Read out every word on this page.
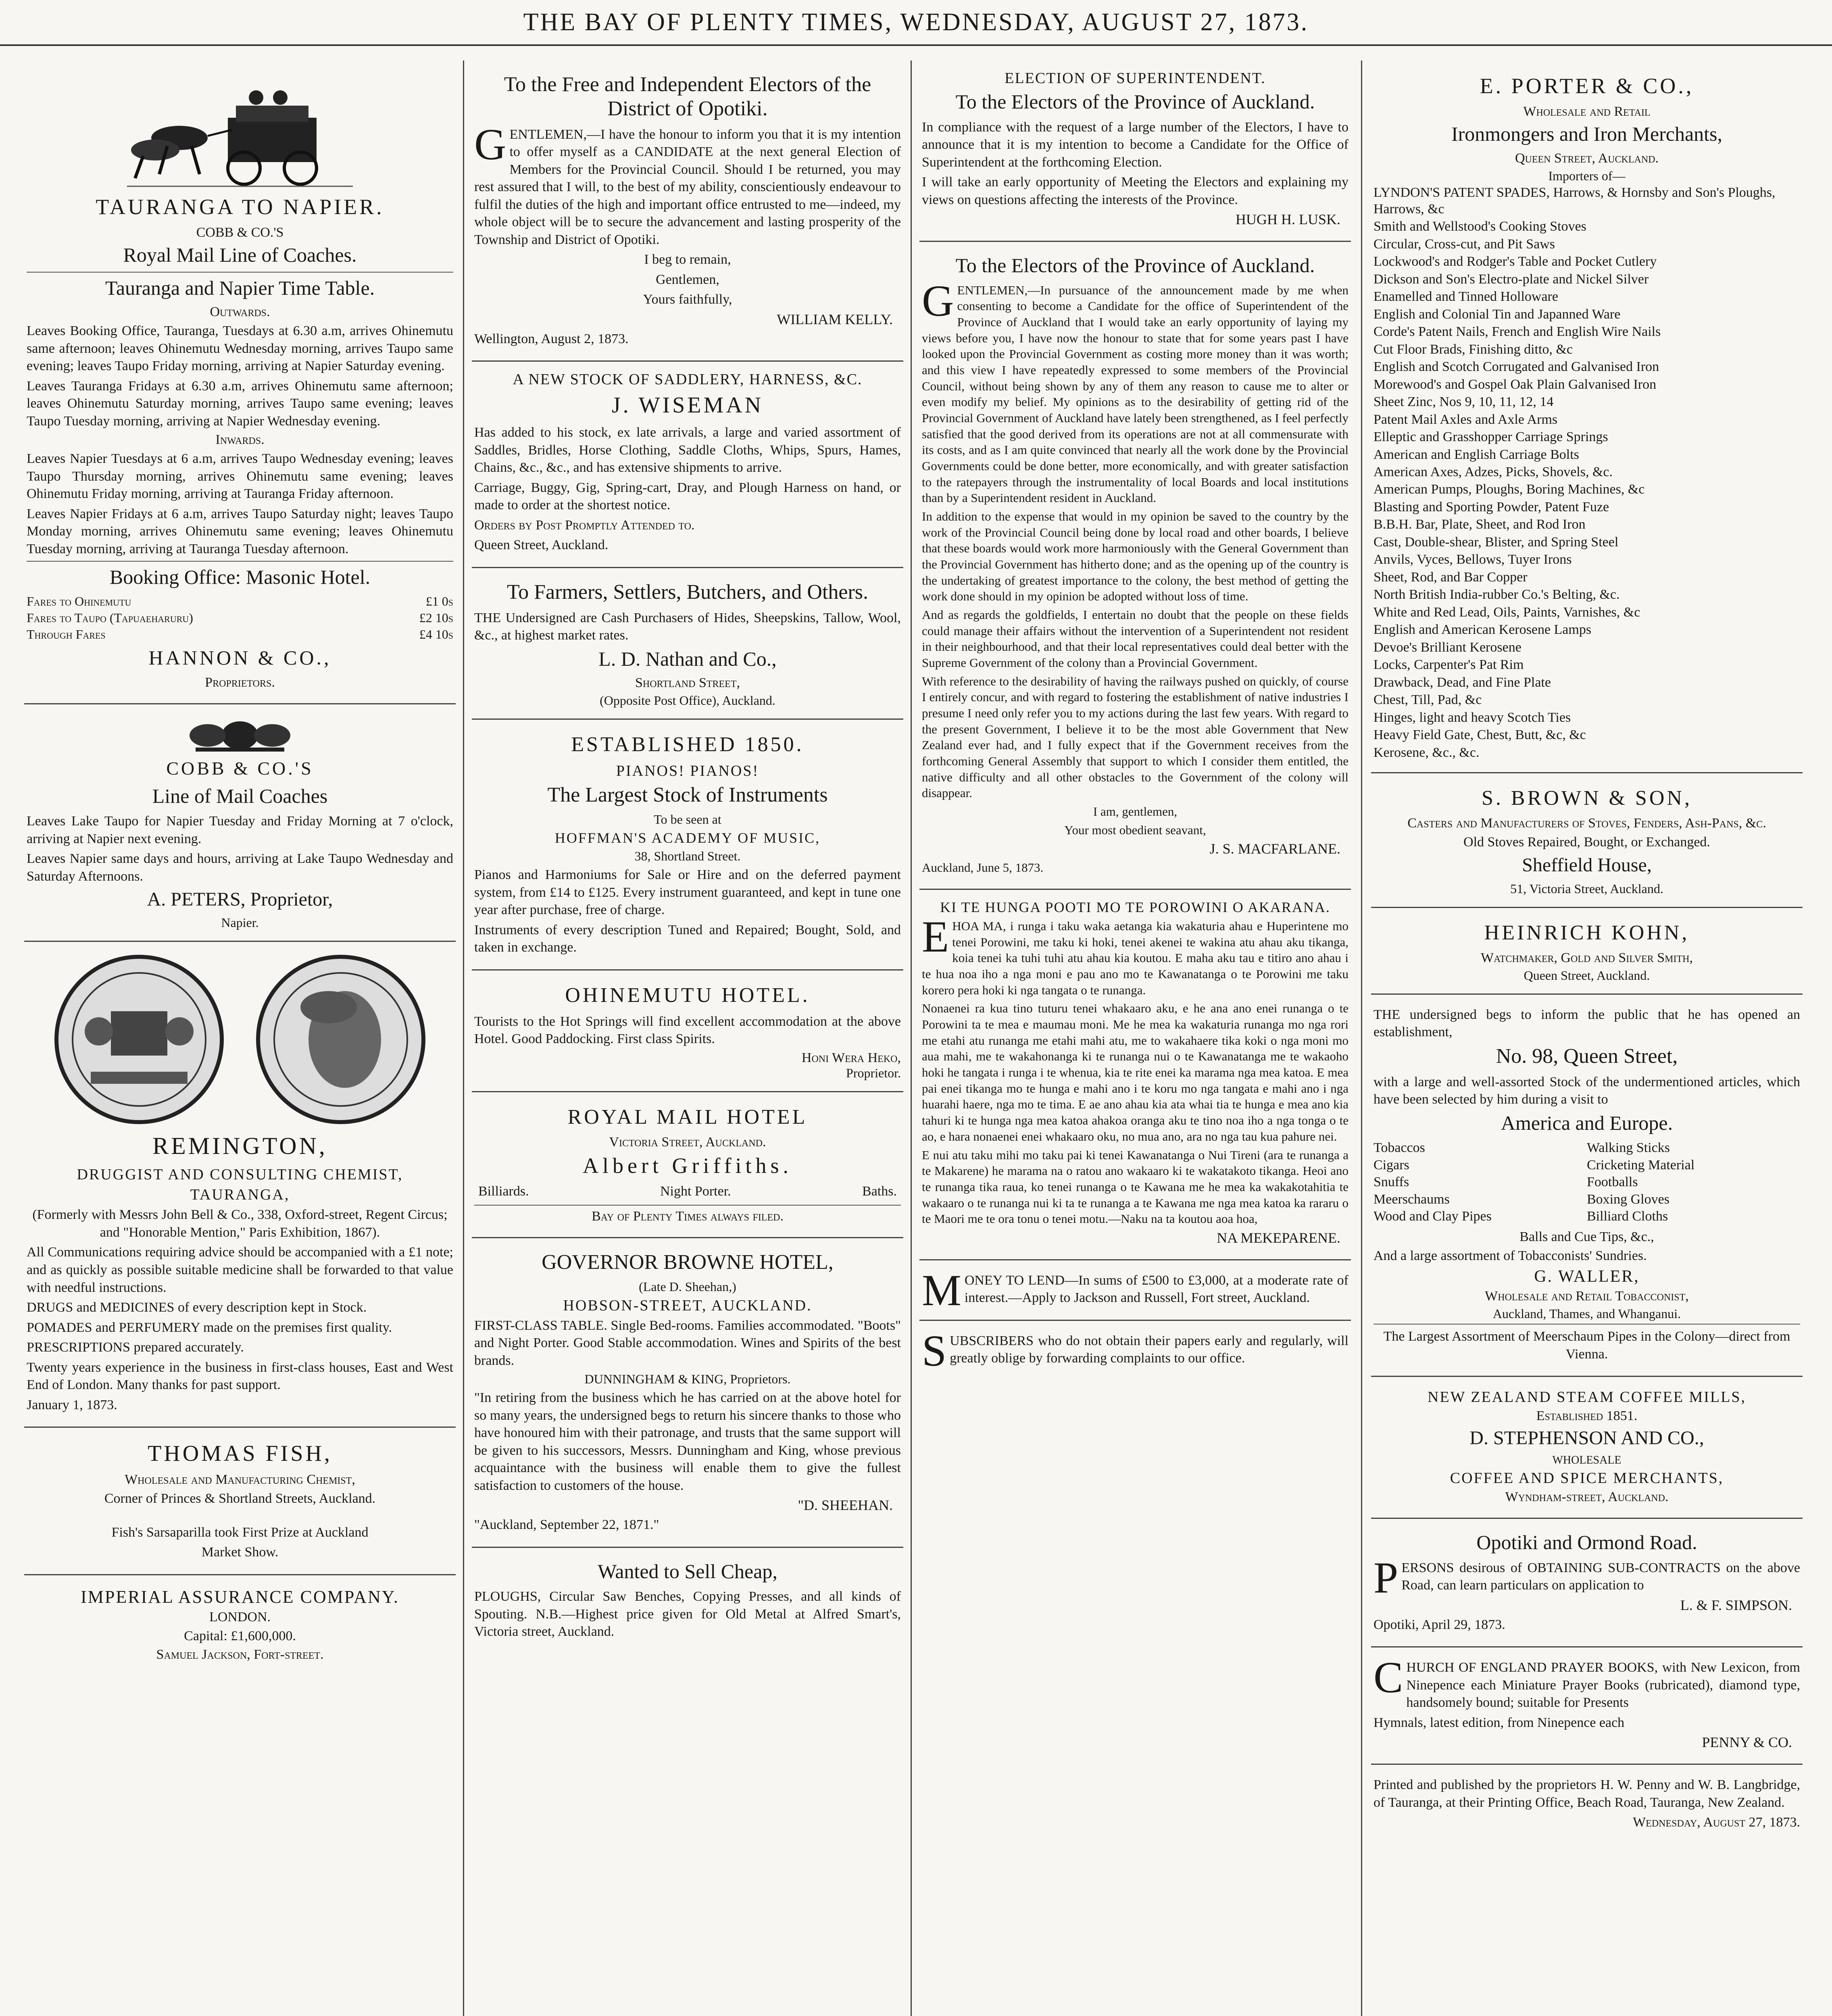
THE BAY OF PLENTY TIMES, WEDNESDAY, AUGUST 27, 1873.
TAURANGA TO NAPIER.
COBB & CO.'S
Royal Mail Line of Coaches.
Tauranga and Napier Time Table.
Outwards.

Leaves Booking Office, Tauranga, Tuesdays at 6.30 a.m, arrives Ohinemutu same afternoon; leaves Ohinemutu Wednesday morning, arrives Taupo same evening; leaves Taupo Friday morning, arriving at Napier Saturday evening.

Leaves Tauranga Fridays at 6.30 a.m, arrives Ohinemutu same afternoon; leaves Ohinemutu Saturday morning, arrives Taupo same evening; leaves Taupo Tuesday morning, arriving at Napier Wednesday evening.

Inwards.

Leaves Napier Tuesdays at 6 a.m, arrives Taupo Wednesday evening; leaves Taupo Thursday morning, arrives Ohinemutu same evening; leaves Ohinemutu Friday morning, arriving at Tauranga Friday afternoon.

Leaves Napier Fridays at 6 a.m, arrives Taupo Saturday night; leaves Taupo Monday morning, arrives Ohinemutu same evening; leaves Ohinemutu Tuesday morning, arriving at Tauranga Tuesday afternoon.

Booking Office: Masonic Hotel.
Fares to Ohinemutu	£1 0s
Fares to Taupo (Tapuaeharuru)	£2 10s
Through Fares	£4 10s
HANNON & CO.,
Proprietors.
COBB & CO.'S
Line of Mail Coaches

Leaves Lake Taupo for Napier Tuesday and Friday Morning at 7 o'clock, arriving at Napier next evening.

Leaves Napier same days and hours, arriving at Lake Taupo Wednesday and Saturday Afternoons.

A. PETERS, Proprietor,
Napier.
REMINGTON,
DRUGGIST AND CONSULTING CHEMIST,
TAURANGA,

(Formerly with Messrs John Bell & Co., 338, Oxford-street, Regent Circus; and "Honorable Mention," Paris Exhibition, 1867).

All Communications requiring advice should be accompanied with a £1 note; and as quickly as possible suitable medicine shall be forwarded to that value with needful instructions.

DRUGS and MEDICINES of every description kept in Stock.

POMADES and PERFUMERY made on the premises first quality.

PRESCRIPTIONS prepared accurately.

Twenty years experience in the business in first-class houses, East and West End of London. Many thanks for past support.

January 1, 1873.

THOMAS FISH,
Wholesale and Manufacturing Chemist,

Corner of Princes & Shortland Streets, Auckland.

Fish's Sarsaparilla took First Prize at Auckland

Market Show.

IMPERIAL ASSURANCE COMPANY.
LONDON.

Capital: £1,600,000.

Samuel Jackson, Fort-street.
To the Free and Independent Electors of the District of Opotiki.

GENTLEMEN,—I have the honour to inform you that it is my intention to offer myself as a CANDIDATE at the next general Election of Members for the Provincial Council. Should I be returned, you may rest assured that I will, to the best of my ability, conscientiously endeavour to fulfil the duties of the high and important office entrusted to me—indeed, my whole object will be to secure the advancement and lasting prosperity of the Township and District of Opotiki.

I beg to remain,

Gentlemen,

Yours faithfully,

WILLIAM KELLY.

Wellington, August 2, 1873.

A NEW STOCK OF SADDLERY, HARNESS, &C.
J. WISEMAN

Has added to his stock, ex late arrivals, a large and varied assortment of Saddles, Bridles, Horse Clothing, Saddle Cloths, Whips, Spurs, Hames, Chains, &c., &c., and has extensive shipments to arrive.

Carriage, Buggy, Gig, Spring-cart, Dray, and Plough Harness on hand, or made to order at the shortest notice.

Orders by Post Promptly Attended to.

Queen Street, Auckland.

To Farmers, Settlers, Butchers, and Others.

THE Undersigned are Cash Purchasers of Hides, Sheepskins, Tallow, Wool, &c., at highest market rates.

L. D. Nathan and Co.,
Shortland Street,
(Opposite Post Office), Auckland.
ESTABLISHED 1850.
PIANOS! PIANOS!
The Largest Stock of Instruments
To be seen at
HOFFMAN'S ACADEMY OF MUSIC,
38, Shortland Street.

Pianos and Harmoniums for Sale or Hire and on the deferred payment system, from £14 to £125. Every instrument guaranteed, and kept in tune one year after purchase, free of charge.

Instruments of every description Tuned and Repaired; Bought, Sold, and taken in exchange.

OHINEMUTU HOTEL.

Tourists to the Hot Springs will find excellent accommodation at the above Hotel. Good Paddocking. First class Spirits.

Honi Wera Heko,
Proprietor.
ROYAL MAIL HOTEL
Victoria Street, Auckland.
Albert Griffiths.
Billiards.	Night Porter.	Baths.
Bay of Plenty Times always filed.
GOVERNOR BROWNE HOTEL,
(Late D. Sheehan,)
HOBSON-STREET, AUCKLAND.

FIRST-CLASS TABLE. Single Bed-rooms. Families accommodated. "Boots" and Night Porter. Good Stable accommodation. Wines and Spirits of the best brands.

DUNNINGHAM & KING, Proprietors.

"In retiring from the business which he has carried on at the above hotel for so many years, the undersigned begs to return his sincere thanks to those who have honoured him with their patronage, and trusts that the same support will be given to his successors, Messrs. Dunningham and King, whose previous acquaintance with the business will enable them to give the fullest satisfaction to customers of the house.

"D. SHEEHAN.

"Auckland, September 22, 1871."

Wanted to Sell Cheap,

PLOUGHS, Circular Saw Benches, Copying Presses, and all kinds of Spouting. N.B.—Highest price given for Old Metal at Alfred Smart's, Victoria street, Auckland.

ELECTION OF SUPERINTENDENT.
To the Electors of the Province of Auckland.

In compliance with the request of a large number of the Electors, I have to announce that it is my intention to become a Candidate for the Office of Superintendent at the forthcoming Election.

I will take an early opportunity of Meeting the Electors and explaining my views on questions affecting the interests of the Province.

HUGH H. LUSK.
To the Electors of the Province of Auckland.

GENTLEMEN,—In pursuance of the announcement made by me when consenting to become a Candidate for the office of Superintendent of the Province of Auckland that I would take an early opportunity of laying my views before you, I have now the honour to state that for some years past I have looked upon the Provincial Government as costing more money than it was worth; and this view I have repeatedly expressed to some members of the Provincial Council, without being shown by any of them any reason to cause me to alter or even modify my belief. My opinions as to the desirability of getting rid of the Provincial Government of Auckland have lately been strengthened, as I feel perfectly satisfied that the good derived from its operations are not at all commensurate with its costs, and as I am quite convinced that nearly all the work done by the Provincial Governments could be done better, more economically, and with greater satisfaction to the ratepayers through the instrumentality of local Boards and local institutions than by a Superintendent resident in Auckland.

In addition to the expense that would in my opinion be saved to the country by the work of the Provincial Council being done by local road and other boards, I believe that these boards would work more harmoniously with the General Government than the Provincial Government has hitherto done; and as the opening up of the country is the undertaking of greatest importance to the colony, the best method of getting the work done should in my opinion be adopted without loss of time.

And as regards the goldfields, I entertain no doubt that the people on these fields could manage their affairs without the intervention of a Superintendent not resident in their neighbourhood, and that their local representatives could deal better with the Supreme Government of the colony than a Provincial Government.

With reference to the desirability of having the railways pushed on quickly, of course I entirely concur, and with regard to fostering the establishment of native industries I presume I need only refer you to my actions during the last few years. With regard to the present Government, I believe it to be the most able Government that New Zealand ever had, and I fully expect that if the Government receives from the forthcoming General Assembly that support to which I consider them entitled, the native difficulty and all other obstacles to the Government of the colony will disappear.

I am, gentlemen,

Your most obedient seavant,

J. S. MACFARLANE.

Auckland, June 5, 1873.

KI TE HUNGA POOTI MO TE POROWINI O AKARANA.

EHOA MA, i runga i taku waka aetanga kia wakaturia ahau e Huperintene mo tenei Porowini, me taku ki hoki, tenei akenei te wakina atu ahau aku tikanga, koia tenei ka tuhi tuhi atu ahau kia koutou. E maha aku tau e titiro ano ahau i te hua noa iho a nga moni e pau ano mo te Kawanatanga o te Porowini me taku korero pera hoki ki nga tangata o te runanga.

Nonaenei ra kua tino tuturu tenei whakaaro aku, e he ana ano enei runanga o te Porowini ta te mea e maumau moni. Me he mea ka wakaturia runanga mo nga rori me etahi atu runanga me etahi mahi atu, me to wakahaere tika koki o nga moni mo aua mahi, me te wakahonanga ki te runanga nui o te Kawanatanga me te wakaoho hoki he tangata i runga i te whenua, kia te rite enei ka marama nga mea katoa. E mea pai enei tikanga mo te hunga e mahi ano i te koru mo nga tangata e mahi ano i nga huarahi haere, nga mo te tima. E ae ano ahau kia ata whai tia te hunga e mea ano kia tahuri ki te hunga nga mea katoa ahakoa oranga aku te tino noa iho a nga tonga o te ao, e hara nonaenei enei whakaaro oku, no mua ano, ara no nga tau kua pahure nei.

E nui atu taku mihi mo taku pai ki tenei Kawanatanga o Nui Tireni (ara te runanga a te Makarene) he marama na o ratou ano wakaaro ki te wakatakoto tikanga. Heoi ano te runanga tika raua, ko tenei runanga o te Kawana me he mea ka wakakotahitia te wakaaro o te runanga nui ki ta te runanga a te Kawana me nga mea katoa ka rararu o te Maori me te ora tonu o tenei motu.—Naku na ta koutou aoa hoa,

NA MEKEPARENE.

MONEY TO LEND—In sums of £500 to £3,000, at a moderate rate of interest.—Apply to Jackson and Russell, Fort street, Auckland.

SUBSCRIBERS who do not obtain their papers early and regularly, will greatly oblige by forwarding complaints to our office.

E. PORTER & CO.,
Wholesale and Retail
Ironmongers and Iron Merchants,
Queen Street, Auckland.
Importers of—

LYNDON'S PATENT SPADES, Harrows, & Hornsby and Son's Ploughs, Harrows, &c

Smith and Wellstood's Cooking Stoves

Circular, Cross-cut, and Pit Saws

Lockwood's and Rodger's Table and Pocket Cutlery

Dickson and Son's Electro-plate and Nickel Silver

Enamelled and Tinned Holloware

English and Colonial Tin and Japanned Ware

Corde's Patent Nails, French and English Wire Nails

Cut Floor Brads, Finishing ditto, &c

English and Scotch Corrugated and Galvanised Iron

Morewood's and Gospel Oak Plain Galvanised Iron

Sheet Zinc, Nos 9, 10, 11, 12, 14

Patent Mail Axles and Axle Arms

Elleptic and Grasshopper Carriage Springs

American and English Carriage Bolts

American Axes, Adzes, Picks, Shovels, &c.

American Pumps, Ploughs, Boring Machines, &c

Blasting and Sporting Powder, Patent Fuze

B.B.H. Bar, Plate, Sheet, and Rod Iron

Cast, Double-shear, Blister, and Spring Steel

Anvils, Vyces, Bellows, Tuyer Irons

Sheet, Rod, and Bar Copper

North British India-rubber Co.'s Belting, &c.

White and Red Lead, Oils, Paints, Varnishes, &c

English and American Kerosene Lamps

Devoe's Brilliant Kerosene

Locks, Carpenter's Pat Rim

Drawback, Dead, and Fine Plate

Chest, Till, Pad, &c

Hinges, light and heavy Scotch Ties

Heavy Field Gate, Chest, Butt, &c, &c

Kerosene, &c., &c.

S. BROWN & SON,
Casters and Manufacturers of Stoves, Fenders, Ash-Pans, &c.

Old Stoves Repaired, Bought, or Exchanged.

Sheffield House,
51, Victoria Street, Auckland.
HEINRICH KOHN,
Watchmaker, Gold and Silver Smith,
Queen Street, Auckland.

THE undersigned begs to inform the public that he has opened an establishment,

No. 98, Queen Street,

with a large and well-assorted Stock of the undermentioned articles, which have been selected by him during a visit to

America and Europe.
Tobaccos	Walking Sticks
Cigars	Cricketing Material
Snuffs	Footballs
Meerschaums	Boxing Gloves
Wood and Clay Pipes	Billiard Cloths
Balls and Cue Tips, &c.,

And a large assortment of Tobacconists' Sundries.

G. WALLER,
Wholesale and Retail Tobacconist,
Auckland, Thames, and Whanganui.

The Largest Assortment of Meerschaum Pipes in the Colony—direct from Vienna.

NEW ZEALAND STEAM COFFEE MILLS,
Established 1851.
D. STEPHENSON AND CO.,
WHOLESALE
COFFEE AND SPICE MERCHANTS,
Wyndham-street, Auckland.
Opotiki and Ormond Road.

PERSONS desirous of OBTAINING SUB-CONTRACTS on the above Road, can learn particulars on application to

L. & F. SIMPSON.

Opotiki, April 29, 1873.

CHURCH OF ENGLAND PRAYER BOOKS, with New Lexicon, from Ninepence each Miniature Prayer Books (rubricated), diamond type, handsomely bound; suitable for Presents

Hymnals, latest edition, from Ninepence each

PENNY & CO.

Printed and published by the proprietors H. W. Penny and W. B. Langbridge, of Tauranga, at their Printing Office, Beach Road, Tauranga, New Zealand.

Wednesday, August 27, 1873.
